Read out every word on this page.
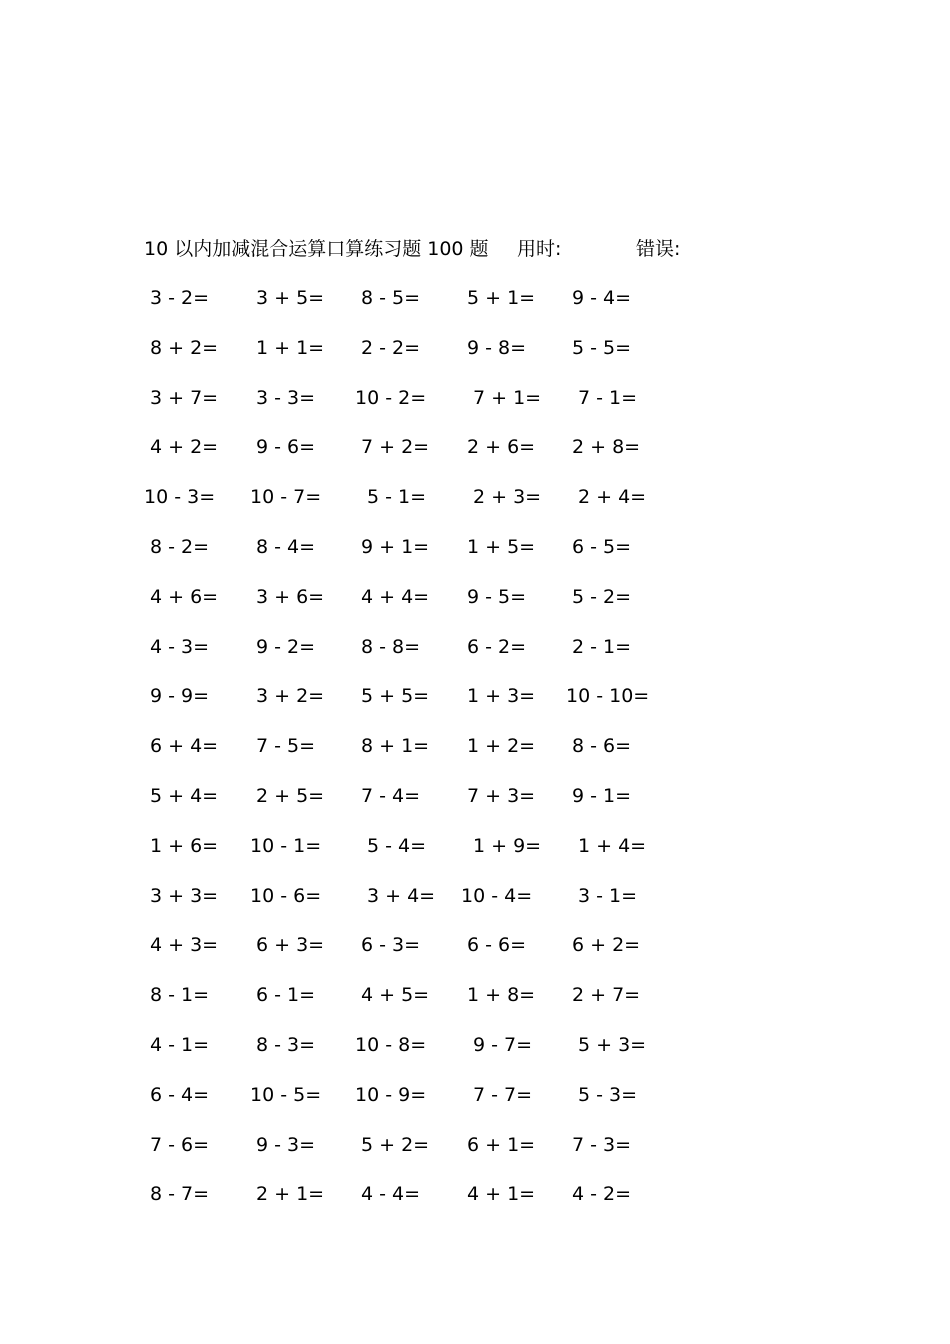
10 以内加减混合运算口算练习题 100 题 用时:	错误:
3 - 2=	3 + 5=	8 - 5=	5 + 1=	9 - 4=
8 + 2=	1 + 1=	2 - 2=	9 - 8=	5 - 5=
3 + 7=	3 - 3=	10 - 2=	7 + 1=	7 - 1=
4 + 2=	9 - 6=	7 + 2=	2 + 6=	2 + 8=
10 - 3=	10 - 7=	5 - 1=	2 + 3=	2 + 4=
8 - 2=	8 - 4=	9 + 1=	1 + 5=	6 - 5=
4 + 6=	3 + 6=	4 + 4=	9 - 5=	5 - 2=
4 - 3=	9 - 2=	8 - 8=	6 - 2=	2 - 1=
9 - 9=	3 + 2=	5 + 5=	1 + 3=	10 - 10=
6 + 4=	7 - 5=	8 + 1=	1 + 2=	8 - 6=
5 + 4=	2 + 5=	7 - 4=	7 + 3=	9 - 1=
1 + 6=	10 - 1=	5 - 4=	1 + 9=	1 + 4=
3 + 3=	10 - 6=	3 + 4=	10 - 4=	3 - 1=
4 + 3=	6 + 3=	6 - 3=	6 - 6=	6 + 2=
8 - 1=	6 - 1=	4 + 5=	1 + 8=	2 + 7=
4 - 1=	8 - 3=	10 - 8=	9 - 7=	5 + 3=
6 - 4=	10 - 5=	10 - 9=	7 - 7=	5 - 3=
7 - 6=	9 - 3=	5 + 2=	6 + 1=	7 - 3=
8 - 7=	2 + 1=	4 - 4=	4 + 1=	4 - 2=
